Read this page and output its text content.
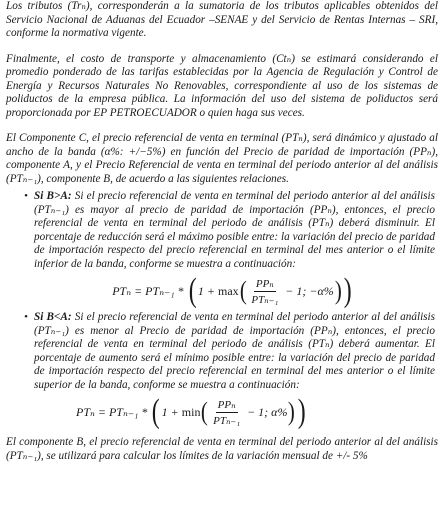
Los tributos (Trₙ), corresponderán a la sumatoria de los tributos aplicables obtenidos del Servicio Nacional de Aduanas del Ecuador –SENAE y del Servicio de Rentas Internas – SRI, conforme la normativa vigente.

Finalmente, el costo de transporte y almacenamiento (Ctₙ) se estimará considerando el promedio ponderado de las tarifas establecidas por la Agencia de Regulación y Control de Energía y Recursos Naturales No Renovables, correspondiente al uso de los sistemas de poliductos de la empresa pública. La información del uso del sistema de poliductos será proporcionada por EP PETROECUADOR o quien haga sus veces.

El Componente C, el precio referencial de venta en terminal (PTₙ), será dinámico y ajustado al ancho de la banda (α%: +/−5%) en función del Precio de paridad de importación (PPₙ), componente A, y el Precio Referencial de venta en terminal del periodo anterior al del análisis (PTₙ₋₁), componente B, de acuerdo a las siguientes relaciones.

• Si B>A: Si el precio referencial de venta en terminal del periodo anterior al del análisis (PTₙ₋₁) es mayor al precio de paridad de importación (PPₙ), entonces, el precio referencial de venta en terminal del periodo de análisis (PTₙ) deberá disminuir. El porcentaje de reducción será el máximo posible entre: la variación del precio de paridad de importación respecto del precio referencial en terminal del mes anterior o el límite inferior de la banda, conforme se muestra a continuación:

PTₙ = PTₙ₋₁ * ( 1 + max ( $\frac{\text{PPₙ}}{\text{PTₙ₋₁}} - 1$; −α% ) )
• Si B<A: Si el precio referencial de venta en terminal del periodo anterior al del análisis (PTₙ₋₁) es menor al Precio de paridad de importación (PPₙ), entonces, el precio referencial de venta en terminal del periodo de análisis (PTₙ) deberá aumentar. El porcentaje de aumento será el mínimo posible entre: la variación del precio de paridad de importación respecto del precio referencial en terminal del mes anterior o el límite superior de la banda, conforme se muestra a continuación:

PTₙ = PTₙ₋₁ * ( 1 + min ( $\frac{\text{PPₙ}}{\text{PTₙ₋₁}} - 1$; α% ) )

El componente B, el precio referencial de venta en terminal del periodo anterior al del análisis (PTₙ₋₁), se utilizará para calcular los límites de la variación mensual de +/- 5%
